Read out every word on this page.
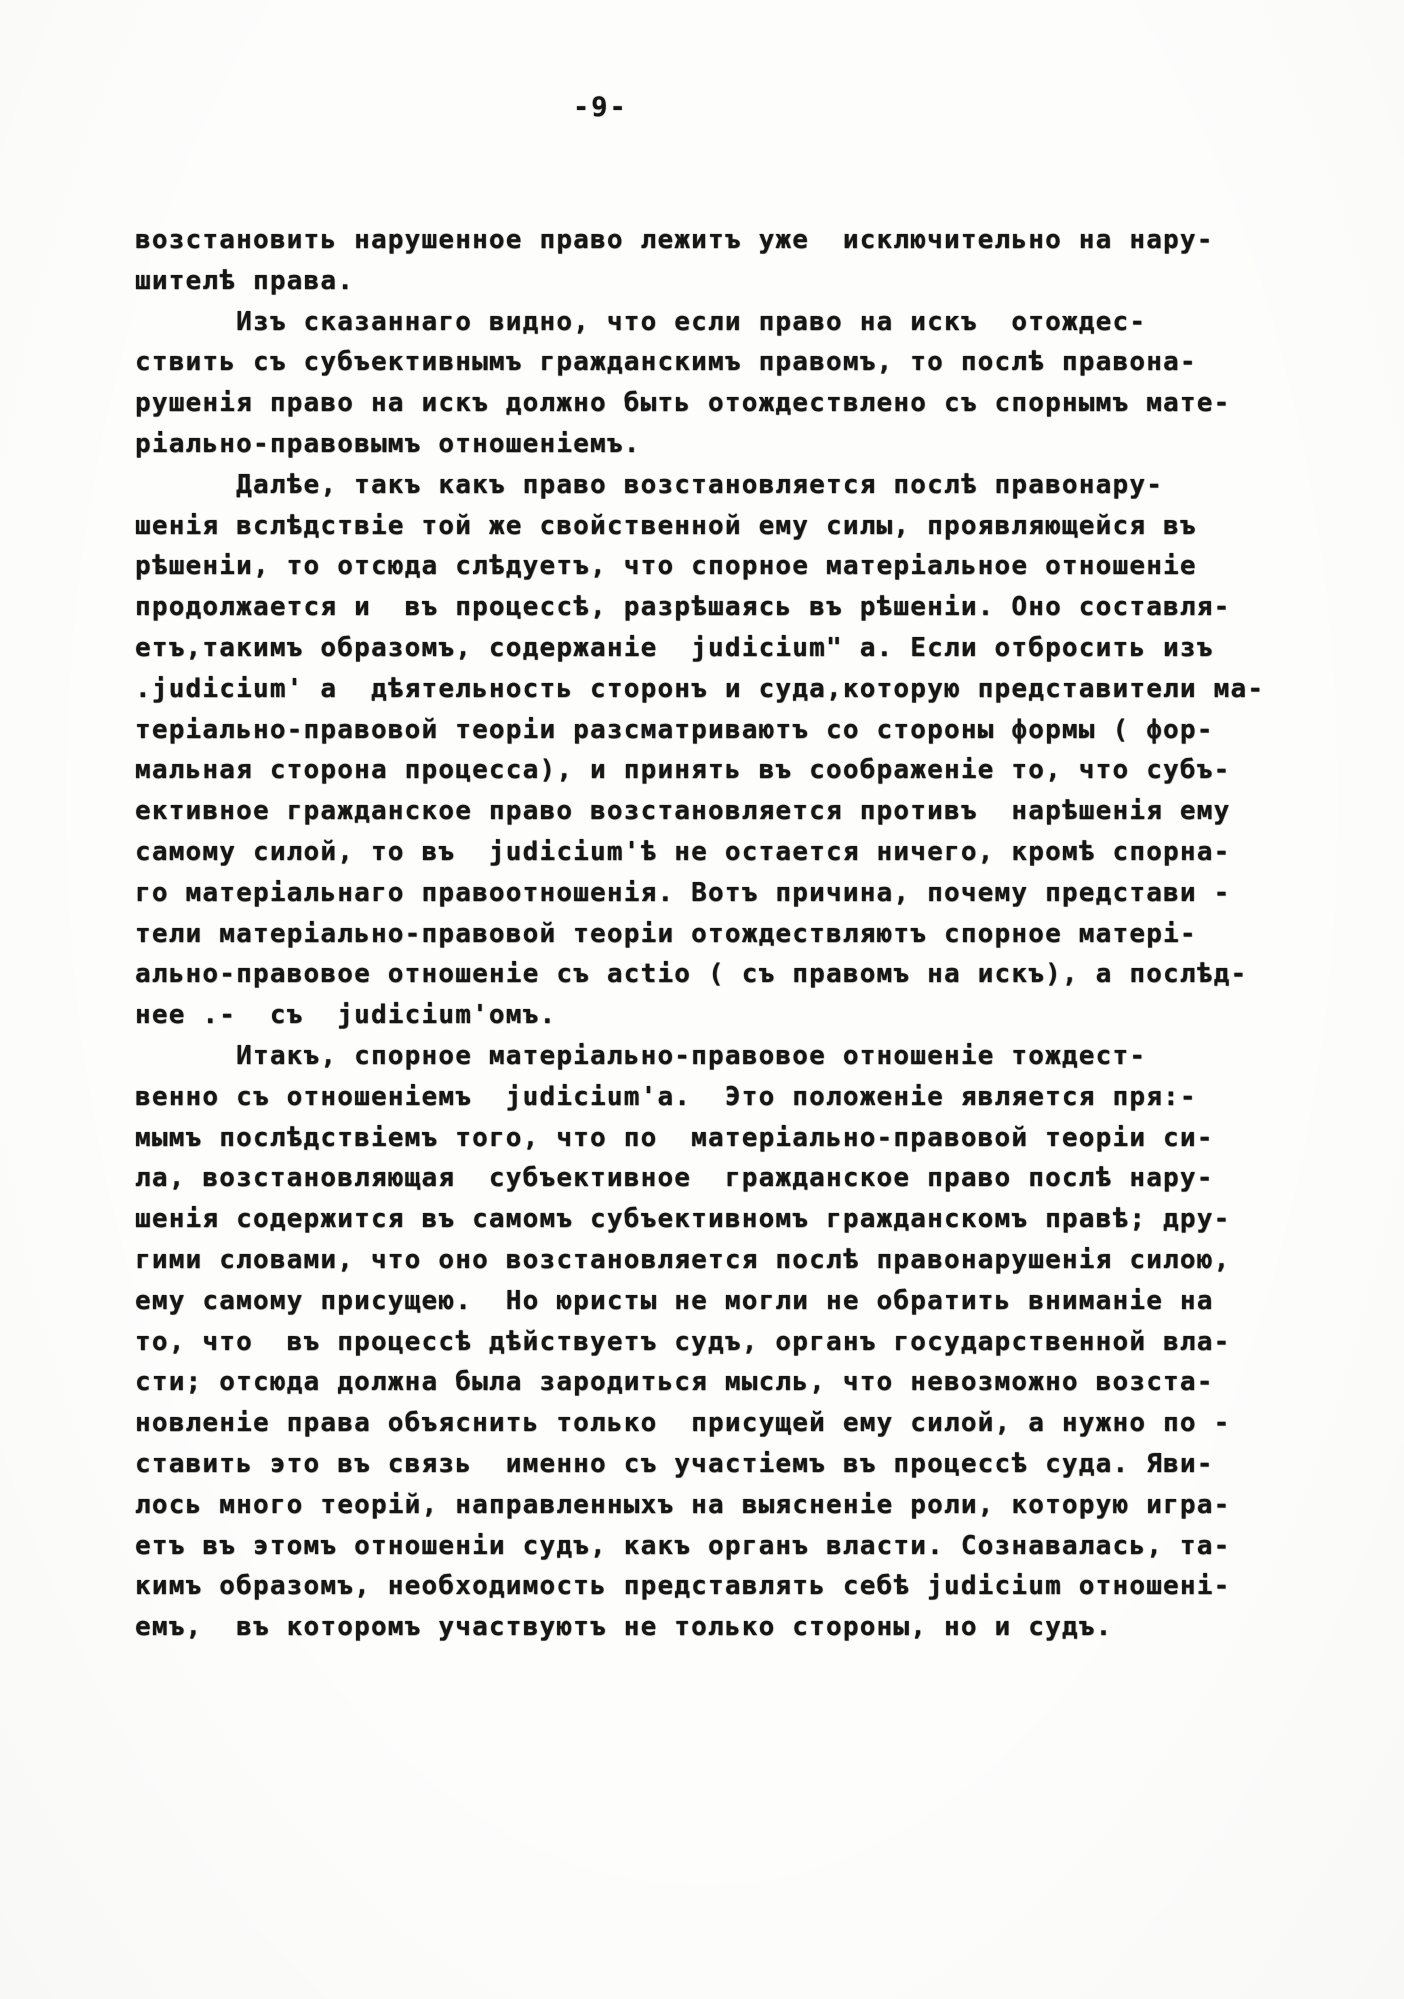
-9-
возстановить нарушенное право лежитъ уже  исключительно на нару-
шителѣ права.
Изъ сказаннаго видно, что если право на искъ  отождес-
ствить съ субъективнымъ гражданскимъ правомъ, то послѣ правона-
рушенія право на искъ должно быть отождествлено съ спорнымъ мате-
ріально-правовымъ отношеніемъ.
Далѣе, такъ какъ право возстановляется послѣ правонару-
шенія вслѣдствіе той же свойственной ему силы, проявляющейся въ
рѣшеніи, то отсюда слѣдуетъ, что спорное матеріальное отношеніе
продолжается и  въ процессѣ, разрѣшаясь въ рѣшеніи. Оно составля-
етъ,такимъ образомъ, содержаніе  judicium" а. Если отбросить изъ
.judicium' а  дѣятельность сторонъ и суда,которую представители ма-
теріально-правовой теоріи разсматриваютъ со стороны формы ( фор-
мальная сторона процесса), и принять въ соображеніе то, что субъ-
ективное гражданское право возстановляется противъ  нарѣшенія ему
самому силой, то въ  judicium'ѣ не остается ничего, кромѣ спорна-
го матеріальнаго правоотношенія. Вотъ причина, почему представи -
тели матеріально-правовой теоріи отождествляютъ спорное матері-
ально-правовое отношеніе съ actio ( съ правомъ на искъ), а послѣд-
нее .-  съ  judicium'омъ.
Итакъ, спорное матеріально-правовое отношеніе тождест-
венно съ отношеніемъ  judicium'а.  Это положеніе является пря:-
мымъ послѣдствіемъ того, что по  матеріально-правовой теоріи си-
ла, возстановляющая  субъективное  гражданское право послѣ нару-
шенія содержится въ самомъ субъективномъ гражданскомъ правѣ; дру-
гими словами, что оно возстановляется послѣ правонарушенія силою,
ему самому присущею.  Но юристы не могли не обратить вниманіе на
то, что  въ процессѣ дѣйствуетъ судъ, органъ государственной вла-
сти; отсюда должна была зародиться мысль, что невозможно возста-
новленіе права объяснить только  присущей ему силой, а нужно по -
ставить это въ связь  именно съ участіемъ въ процессѣ суда. Яви-
лось много теорій, направленныхъ на выясненіе роли, которую игра-
етъ въ этомъ отношеніи судъ, какъ органъ власти. Сознавалась, та-
кимъ образомъ, необходимость представлять себѣ judicium отношені-
емъ,  въ которомъ участвуютъ не только стороны, но и судъ.
